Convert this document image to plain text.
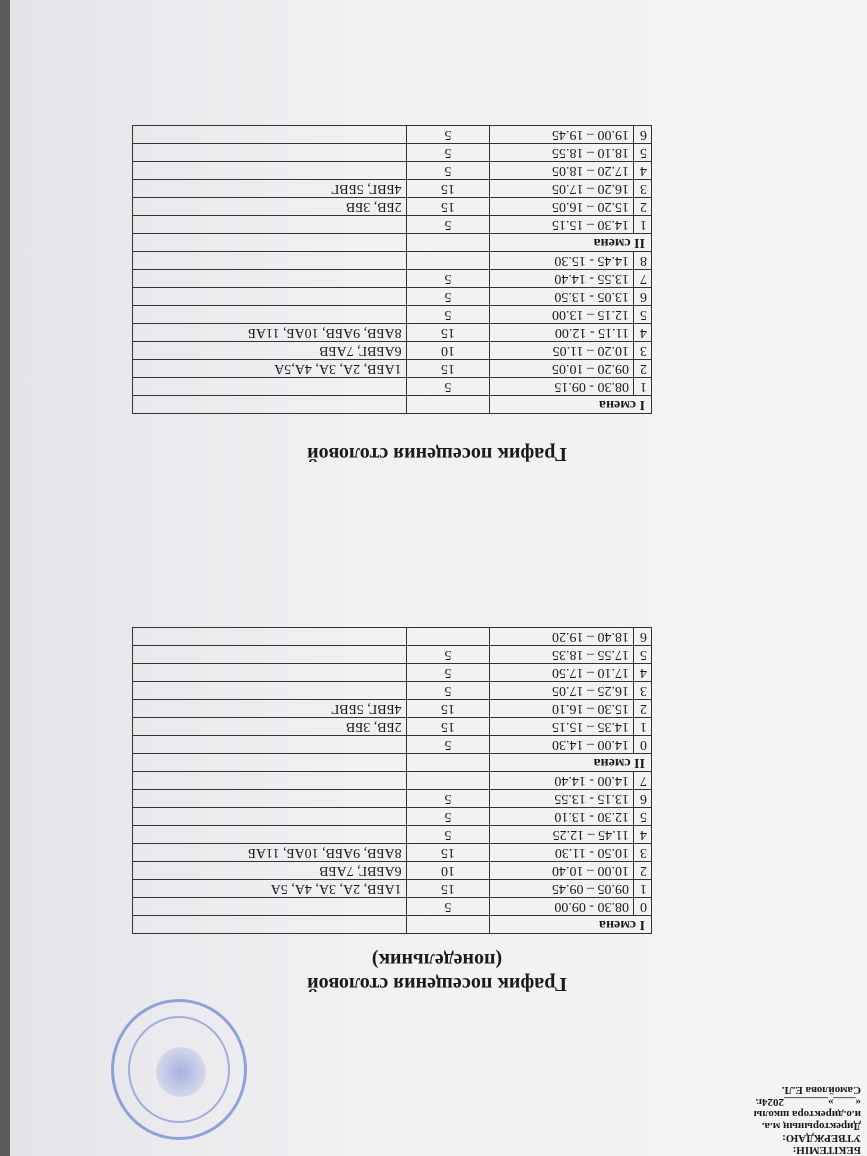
БЕКІТЕМІН:
УТВЕРЖДАЮ:
Директорының м.а.
и.о.директора школы
«____»________2024г.
Самойлова Е.Л.
График посещения столовой
(понедельник)
I смена			
0	08.30 - 09.00	5	
1	09.05 – 09.45	15	1АБВ, 2А, 3А, 4А, 5А
2	10.00 – 10.40	10	6АБВГ, 7АБВ
3	10.50 - 11.30	15	8АБВ, 9АБВ, 10АБ, 11АБ
4	11.45 – 12.25	5	
5	12.30 - 13.10	5	
6	13.15 - 13.55	5	
7	14.00 - 14.40		
II смена			
0	14.00 – 14.30	5	
1	14.35 – 15.15	15	2БВ, 3БВ
2	15.30 – 16.10	15	4БВГ, 5БВГ
3	16.25 – 17.05	5	
4	17.10 – 17.50	5	
5	17.55 – 18.35	5	
6	18.40 – 19.20		
График посещения столовой
I смена			
1	08.30 - 09.15	5	
2	09.20 – 10.05	15	1АБВ, 2А, 3А, 4А,5А
3	10.20 – 11.05	10	6АБВГ, 7АБВ
4	11.15 - 12.00	15	8АБВ, 9АБВ, 10АБ, 11АБ
5	12.15 – 13.00	5	
6	13.05 - 13.50	5	
7	13.55 - 14.40	5	
8	14.45 - 15.30		
II смена			
1	14.30 – 15.15	5	
2	15.20 – 16.05	15	2БВ, 3БВ
3	16.20 – 17.05	15	4БВГ, 5БВГ
4	17.20 – 18.05	5	
5	18.10 – 18.55	5	
6	19.00 – 19.45	5	
